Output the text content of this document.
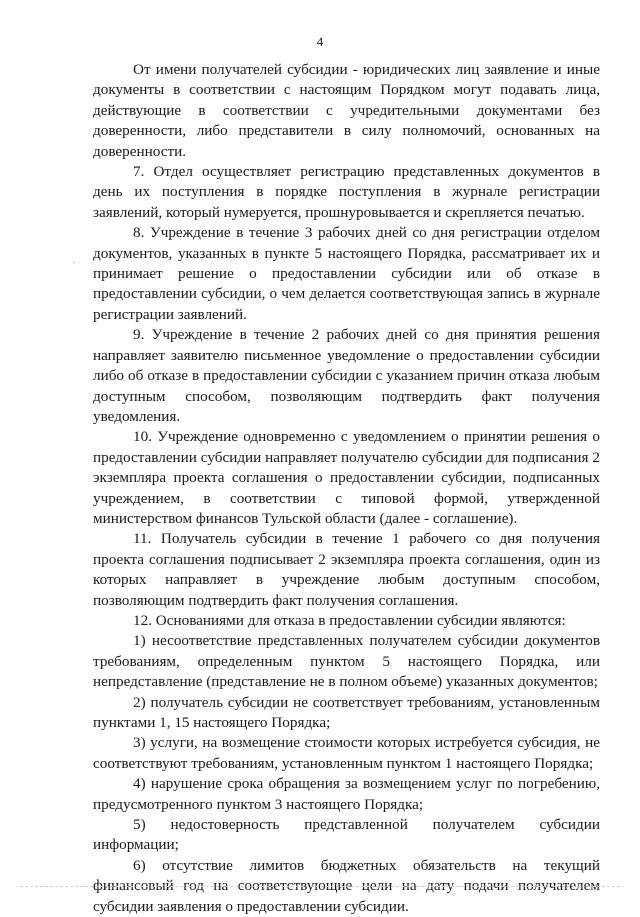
4
·

От имени получателей субсидии - юридических лиц заявление и иные документы в соответствии с настоящим Порядком могут подавать лица, действующие в соответствии с учредительными документами без доверенности, либо представители в силу полномочий, основанных на доверенности.

7. Отдел осуществляет регистрацию представленных документов в день их поступления в порядке поступления в журнале регистрации заявлений, который нумеруется, прошнуровывается и скрепляется печатью.

8. Учреждение в течение 3 рабочих дней со дня регистрации отделом документов, указанных в пункте 5 настоящего Порядка, рассматривает их и принимает решение о предоставлении субсидии или об отказе в предоставлении субсидии, о чем делается соответствующая запись в журнале регистрации заявлений.

9. Учреждение в течение 2 рабочих дней со дня принятия решения направляет заявителю письменное уведомление о предоставлении субсидии либо об отказе в предоставлении субсидии с указанием причин отказа любым доступным способом, позволяющим подтвердить факт получения уведомления.

10. Учреждение одновременно с уведомлением о принятии решения о предоставлении субсидии направляет получателю субсидии для подписания 2 экземпляра проекта соглашения о предоставлении субсидии, подписанных учреждением, в соответствии с типовой формой, утвержденной министерством финансов Тульской области (далее - соглашение).

11. Получатель субсидии в течение 1 рабочего со дня получения проекта соглашения подписывает 2 экземпляра проекта соглашения, один из которых направляет в учреждение любым доступным способом, позволяющим подтвердить факт получения соглашения.

12. Основаниями для отказа в предоставлении субсидии являются:

1) несоответствие представленных получателем субсидии документов требованиям, определенным пунктом 5 настоящего Порядка, или непредставление (представление не в полном объеме) указанных документов;

2) получатель субсидии не соответствует требованиям, установленным пунктами 1, 15 настоящего Порядка;

3) услуги, на возмещение стоимости которых истребуется субсидия, не соответствуют требованиям, установленным пунктом 1 настоящего Порядка;

4) нарушение срока обращения за возмещением услуг по погребению, предусмотренного пунктом 3 настоящего Порядка;

5) недостоверность представленной получателем субсидии информации;

6) отсутствие лимитов бюджетных обязательств на текущий финансовый год на соответствующие цели на дату подачи получателем субсидии заявления о предоставлении субсидии.
